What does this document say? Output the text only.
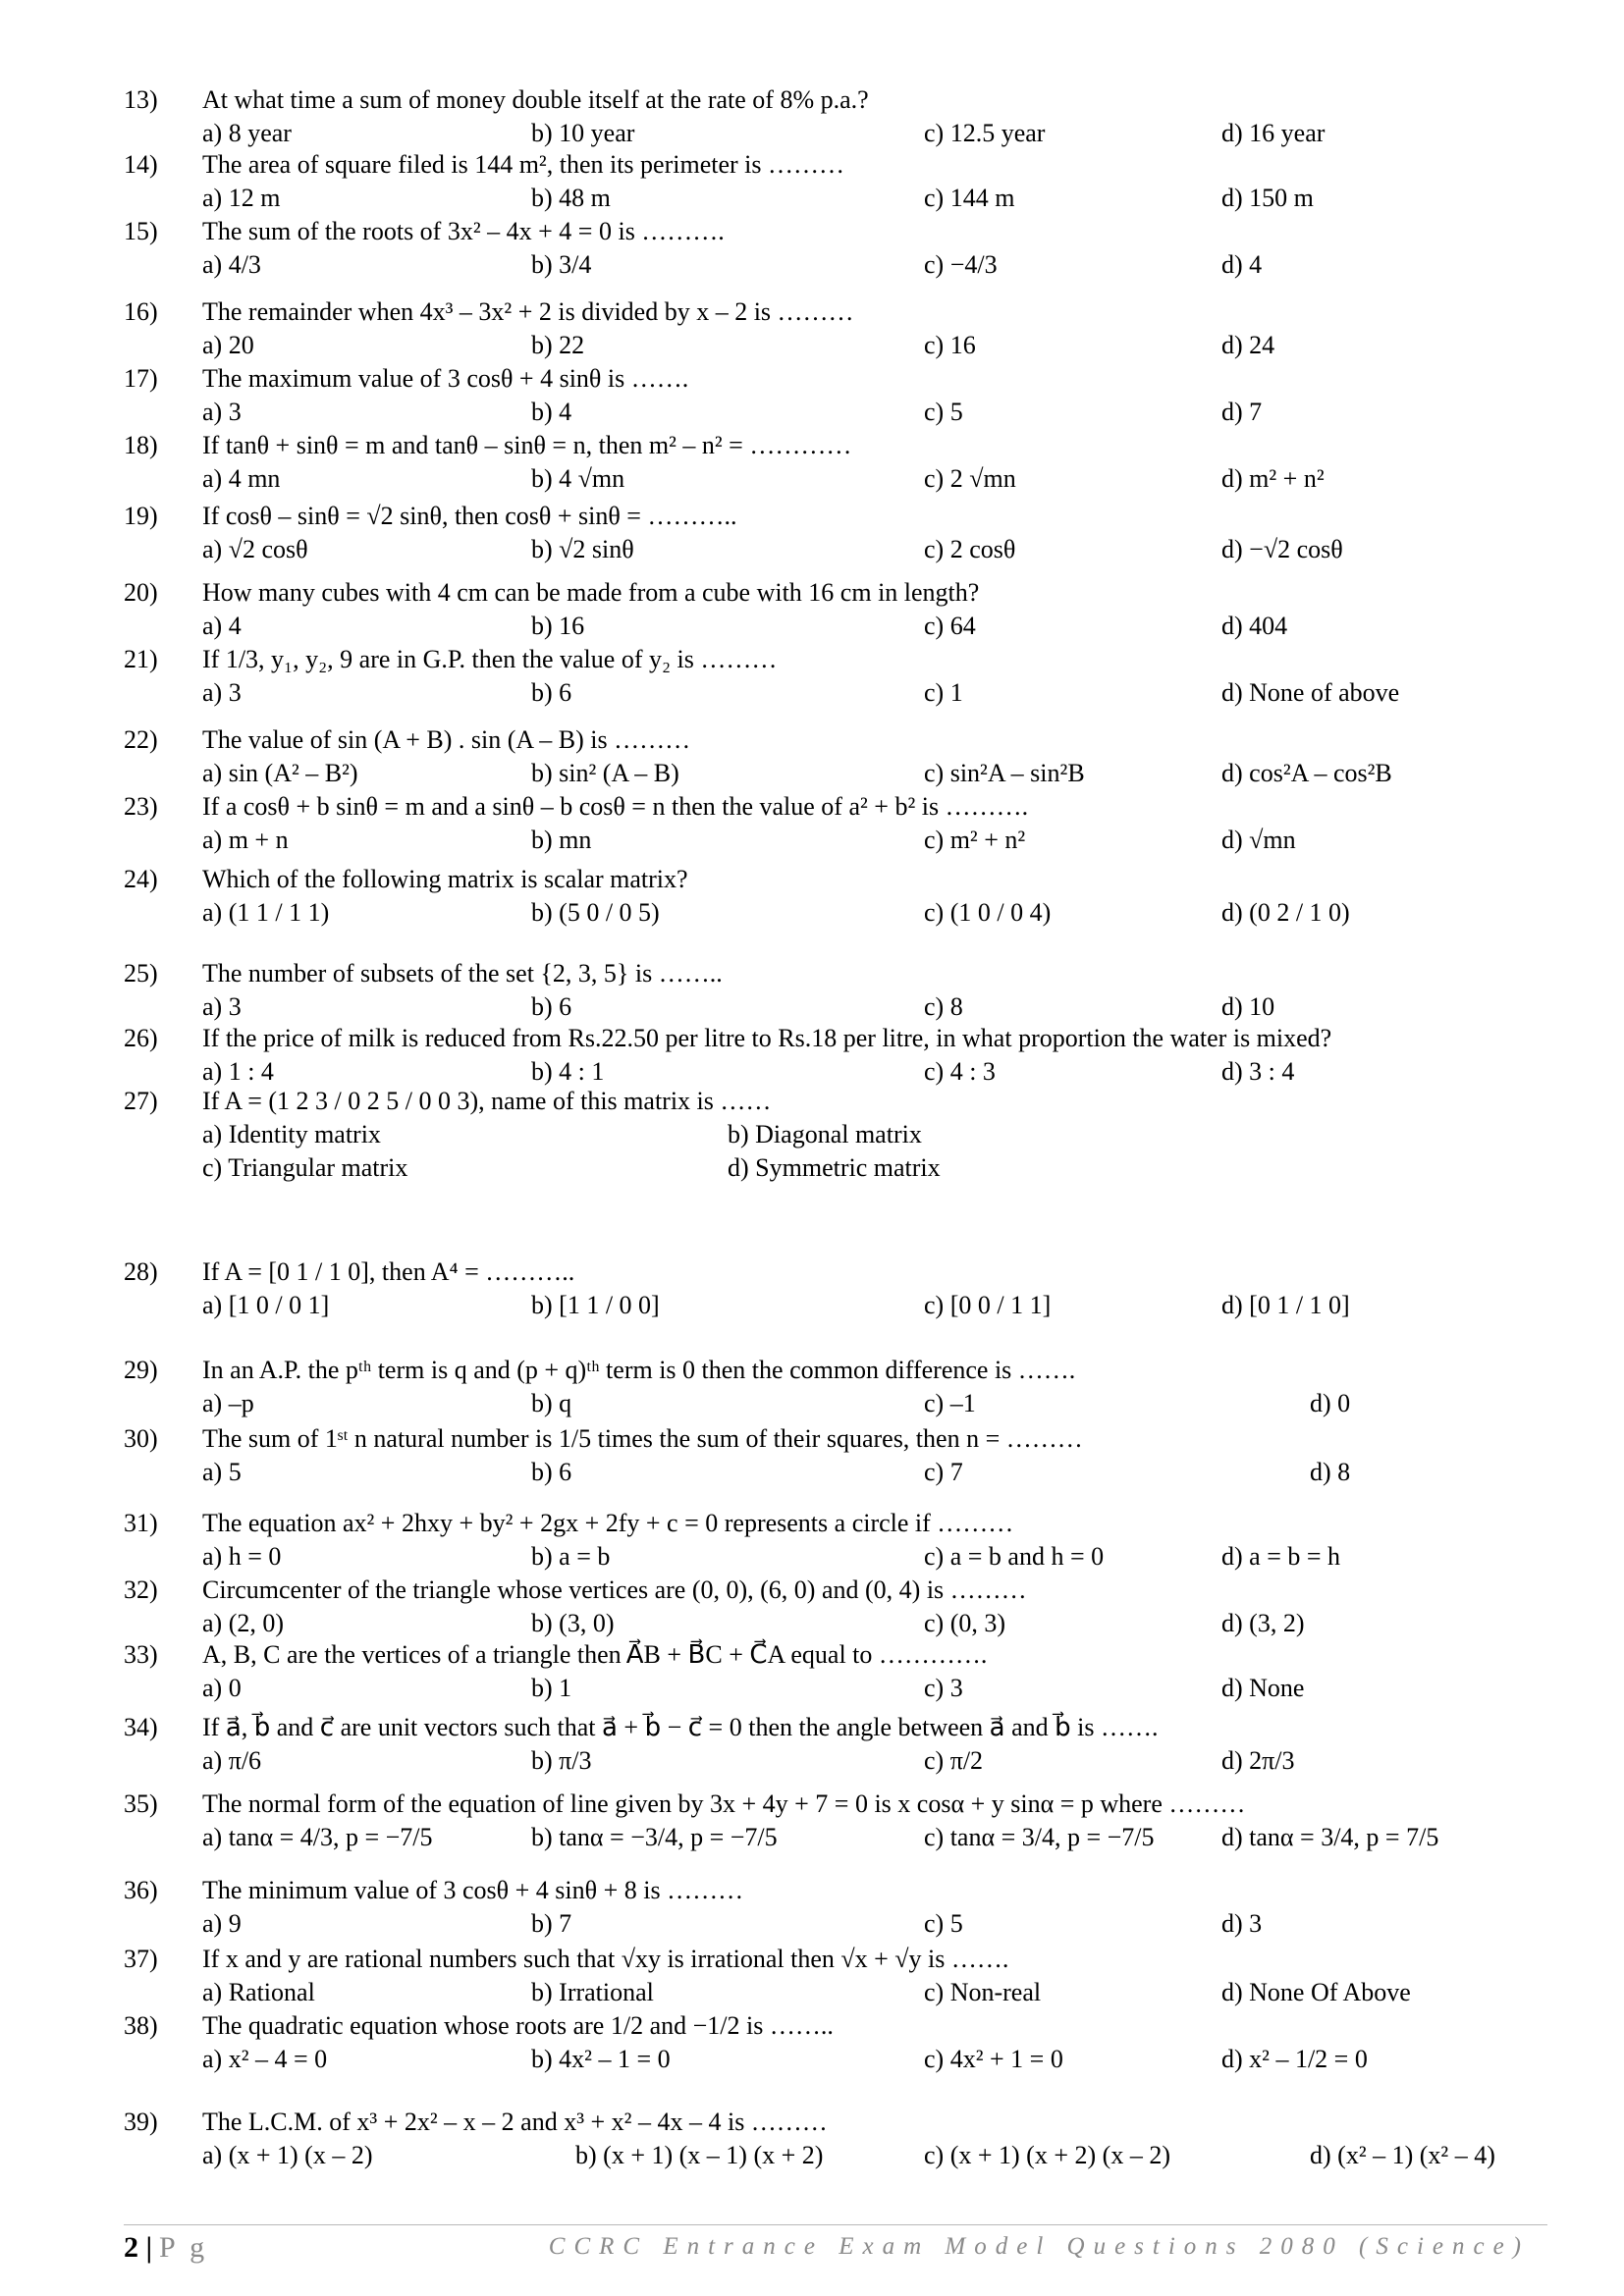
13) At what time a sum of money double itself at the rate of 8% p.a.?
a) 8 year	b) 10 year	c) 12.5 year	d) 16 year
14) The area of square filed is 144 m², then its perimeter is ………
a) 12 m	b) 48 m	c) 144 m	d) 150 m
15) The sum of the roots of 3x² – 4x + 4 = 0 is ……….
a) 4/3	b) 3/4	c) −4/3	d) 4
16) The remainder when 4x³ – 3x² + 2 is divided by x – 2 is ………
a) 20	b) 22	c) 16	d) 24
17) The maximum value of 3 cosθ + 4 sinθ is …….
a) 3	b) 4	c) 5	d) 7
18) If tanθ + sinθ = m and tanθ – sinθ = n, then m² – n² = …………
a) 4 mn	b) 4 √mn	c) 2 √mn	d) m² + n²
19) If cosθ – sinθ = √2 sinθ, then cosθ + sinθ = ………..
a) √2 cosθ	b) √2 sinθ	c) 2 cosθ	d) −√2 cosθ
20) How many cubes with 4 cm can be made from a cube with 16 cm in length?
a) 4	b) 16	c) 64	d) 404
21) If 1/3, y₁, y₂, 9 are in G.P. then the value of y₂ is ………
a) 3	b) 6	c) 1	d) None of above
22) The value of sin (A + B) . sin (A – B) is ………
a) sin (A² – B²)	b) sin² (A – B)	c) sin²A – sin²B	d) cos²A – cos²B
23) If a cosθ + b sinθ = m and a sinθ – b cosθ = n then the value of a² + b² is ……….
a) m + n	b) mn	c) m² + n²	d) √mn
24) Which of the following matrix is scalar matrix?
a) (1 1 / 1 1)	b) (5 0 / 0 5)	c) (1 0 / 0 4)	d) (0 2 / 1 0)
25) The number of subsets of the set {2, 3, 5} is ……..
a) 3	b) 6	c) 8	d) 10
26) If the price of milk is reduced from Rs.22.50 per litre to Rs.18 per litre, in what proportion the water is mixed?
a) 1 : 4	b) 4 : 1	c) 4 : 3	d) 3 : 4
27) If A = (1 2 3 / 0 2 5 / 0 0 3), name of this matrix is ……
a) Identity matrix	b) Diagonal matrix
c) Triangular matrix	d) Symmetric matrix
28) If A = [0 1 / 1 0], then A⁴ = ………..
a) [1 0 / 0 1]	b) [1 1 / 0 0]	c) [0 0 / 1 1]	d) [0 1 / 1 0]
29) In an A.P. the pᵗʰ term is q and (p + q)ᵗʰ term is 0 then the common difference is …….
a) –p	b) q	c) –1	d) 0
30) The sum of 1ˢᵗ n natural number is 1/5 times the sum of their squares, then n = ………
a) 5	b) 6	c) 7	d) 8
31) The equation ax² + 2hxy + by² + 2gx + 2fy + c = 0 represents a circle if ………
a) h = 0	b) a = b	c) a = b and h = 0	d) a = b = h
32) Circumcenter of the triangle whose vertices are (0, 0), (6, 0) and (0, 4) is ………
a) (2, 0)	b) (3, 0)	c) (0, 3)	d) (3, 2)
33) A, B, C are the vertices of a triangle then A⃗B + B⃗C + C⃗A equal to ………….
a) 0	b) 1	c) 3	d) None
34) If a⃗, b⃗ and c⃗ are unit vectors such that a⃗ + b⃗ − c⃗ = 0 then the angle between a⃗ and b⃗ is …….
a) π/6	b) π/3	c) π/2	d) 2π/3
35) The normal form of the equation of line given by 3x + 4y + 7 = 0 is x cosα + y sinα = p where ………
a) tanα = 4/3, p = −7/5	b) tanα = −3/4, p = −7/5	c) tanα = 3/4, p = −7/5	d) tanα = 3/4, p = 7/5
36) The minimum value of 3 cosθ + 4 sinθ + 8 is ………
a) 9	b) 7	c) 5	d) 3
37) If x and y are rational numbers such that √xy is irrational then √x + √y is …….
a) Rational	b) Irrational	c) Non-real	d) None Of Above
38) The quadratic equation whose roots are 1/2 and −1/2 is ……..
a) x² – 4 = 0	b) 4x² – 1 = 0	c) 4x² + 1 = 0	d) x² – 1/2 = 0
39) The L.C.M. of x³ + 2x² – x – 2 and x³ + x² – 4x – 4 is ………
a) (x + 1) (x – 2)	b) (x + 1) (x – 1) (x + 2)	c) (x + 1) (x + 2) (x – 2)	d) (x² – 1) (x² – 4)
2 | P g	CCRC Entrance Exam Model Questions 2080 (Science)
